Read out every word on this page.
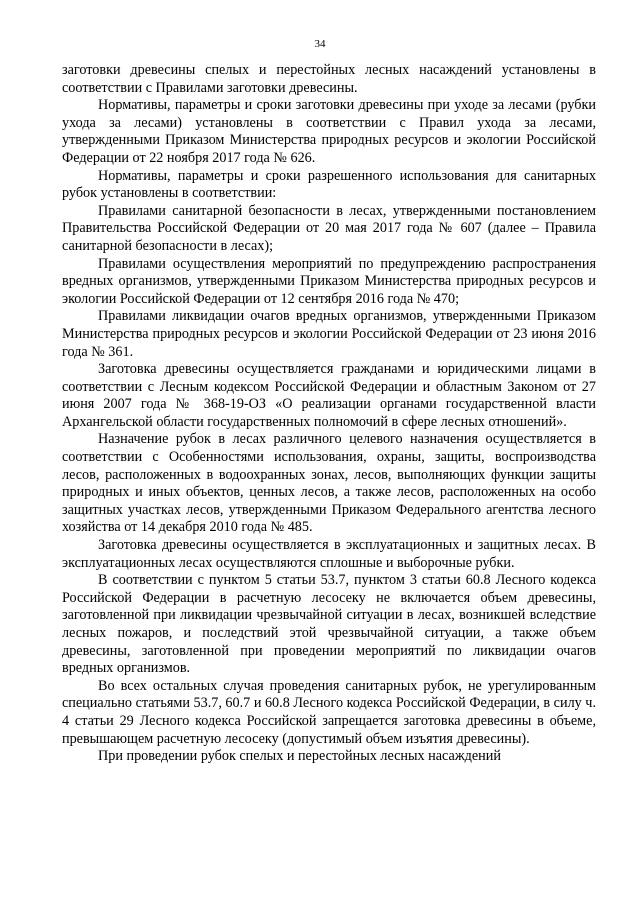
34

заготовки древесины спелых и перестойных лесных насаждений установлены в соответствии с Правилами заготовки древесины.

Нормативы, параметры и сроки заготовки древесины при уходе за лесами (рубки ухода за лесами) установлены в соответствии с Правил ухода за лесами, утвержденными Приказом Министерства природных ресурсов и экологии Российской Федерации от 22 ноября 2017 года № 626.

Нормативы, параметры и сроки разрешенного использования для санитарных рубок установлены в соответствии:

Правилами санитарной безопасности в лесах, утвержденными постановлением Правительства Российской Федерации от 20 мая 2017 года № 607 (далее – Правила санитарной безопасности в лесах);

Правилами осуществления мероприятий по предупреждению распространения вредных организмов, утвержденными Приказом Министерства природных ресурсов и экологии Российской Федерации от 12 сентября 2016 года № 470;

Правилами ликвидации очагов вредных организмов, утвержденными Приказом Министерства природных ресурсов и экологии Российской Федерации от 23 июня 2016 года № 361.

Заготовка древесины осуществляется гражданами и юридическими лицами в соответствии с Лесным кодексом Российской Федерации и областным Законом от 27 июня 2007 года № 368-19-ОЗ «О реализации органами государственной власти Архангельской области государственных полномочий в сфере лесных отношений».

Назначение рубок в лесах различного целевого назначения осуществляется в соответствии с Особенностями использования, охраны, защиты, воспроизводства лесов, расположенных в водоохранных зонах, лесов, выполняющих функции защиты природных и иных объектов, ценных лесов, а также лесов, расположенных на особо защитных участках лесов, утвержденными Приказом Федерального агентства лесного хозяйства от 14 декабря 2010 года № 485.

Заготовка древесины осуществляется в эксплуатационных и защитных лесах. В эксплуатационных лесах осуществляются сплошные и выборочные рубки.

В соответствии с пунктом 5 статьи 53.7, пунктом 3 статьи 60.8 Лесного кодекса Российской Федерации в расчетную лесосеку не включается объем древесины, заготовленной при ликвидации чрезвычайной ситуации в лесах, возникшей вследствие лесных пожаров, и последствий этой чрезвычайной ситуации, а также объем древесины, заготовленной при проведении мероприятий по ликвидации очагов вредных организмов.

Во всех остальных случая проведения санитарных рубок, не урегулированным специально статьями 53.7, 60.7 и 60.8 Лесного кодекса Российской Федерации, в силу ч. 4 статьи 29 Лесного кодекса Российской запрещается заготовка древесины в объеме, превышающем расчетную лесосеку (допустимый объем изъятия древесины).

При проведении рубок спелых и перестойных лесных насаждений
